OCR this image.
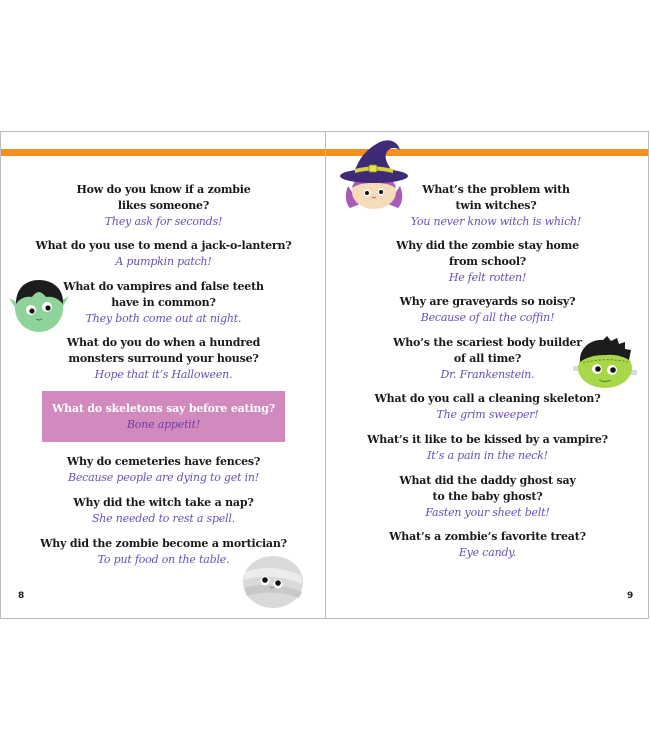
How do you know if a zombie
likes someone?
They ask for seconds!
What do you use to mend a jack-o-lantern?
A pumpkin patch!
What do vampires and false teeth
have in common?
They both come out at night.
What do you do when a hundred
monsters surround your house?
Hope that it’s Halloween.
What do skeletons say before eating?
Bone appetit!
Why do cemeteries have fences?
Because people are dying to get in!
Why did the witch take a nap?
She needed to rest a spell.
Why did the zombie become a mortician?
To put food on the table.
8
What’s the problem with
twin witches?
You never know witch is which!
Why did the zombie stay home
from school?
He felt rotten!
Why are graveyards so noisy?
Because of all the coffin!
Who’s the scariest body builder
of all time?
Dr. Frankenstein.
What do you call a cleaning skeleton?
The grim sweeper!
What’s it like to be kissed by a vampire?
It’s a pain in the neck!
What did the daddy ghost say
to the baby ghost?
Fasten your sheet belt!
What’s a zombie’s favorite treat?
Eye candy.
9
